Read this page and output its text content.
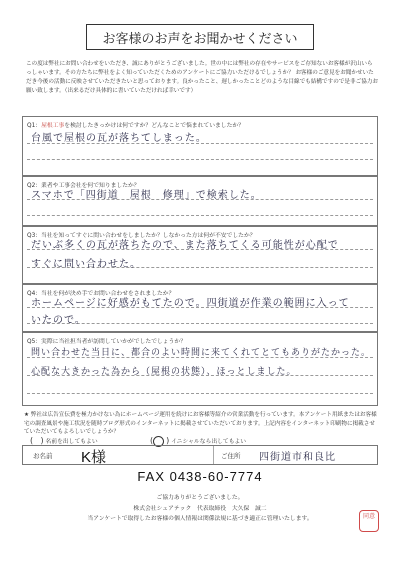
お客様のお声をお聞かせください
この度は弊社にお問い合わせをいただき、誠にありがとうございました。世の中には弊社の存在やサービスをご存知ないお客様が沢山いらっしゃいます。その方たちに弊社をよく知っていただくためのアンケートにご協力いただけるでしょうか？ お客様のご意見をお聞かせいただき今後の活動に反映させていただきたいと思っております。良かったこと、遅しかったことどのような目線でも結構ですので是非ご協力お願い致します。（出来るだけ具体的に書いていただければ幸いです）
Q1：屋根工事を検討したきっかけは何ですか？どんなことで悩まれていましたか？
台風で屋根の瓦が落ちてしまった。
Q2：業者や工事会社を何で知りましたか？
スマホで「四街道　屋根　修理」で検索した。
Q3：当社を知ってすぐに問い合わせをしましたか？しなかった方は何が不安でしたか？
だいぶ多くの瓦が落ちたので、また落ちてくる可能性が心配で
すぐに問い合わせた。
Q4：当社を何が決め手でお問い合わせをされましたか？
ホームページに好感がもてたので。四街道が作業の範囲に入って
いたので。
Q5：実際に当社担当者が訪問していかがでしたでしょうか？
問い合わせた当日に、都合のよい時間に来てくれてとてもありがたかった。
心配な大きかった為から（屋根の状態）、ほっとしました。
★ 弊社は広告宣伝費を極力かけない為にホームページ運用を続けにお客様等紹介の営業活動を行っています。本アンケート用紙またはお客様宅の調査風景や施工状況を随時ブログ形式のインターネットに掲載させていただいております。上記内容をインターネット印刷物に掲載させていただいてもよろしいでしょうか？
( ) 名前を出してもよい	(○ ) イニシャルなら出してもよい
お名前 K様	ご住所 四街道市和良比
FAX 0438-60-7774
ご協力ありがとうございました。
株式会社シェアテック　代表取締役　大久保　誠二
当アンケートで取得したお客様の個人情報は関係法規に基づき適正に管理いたします。	同意
